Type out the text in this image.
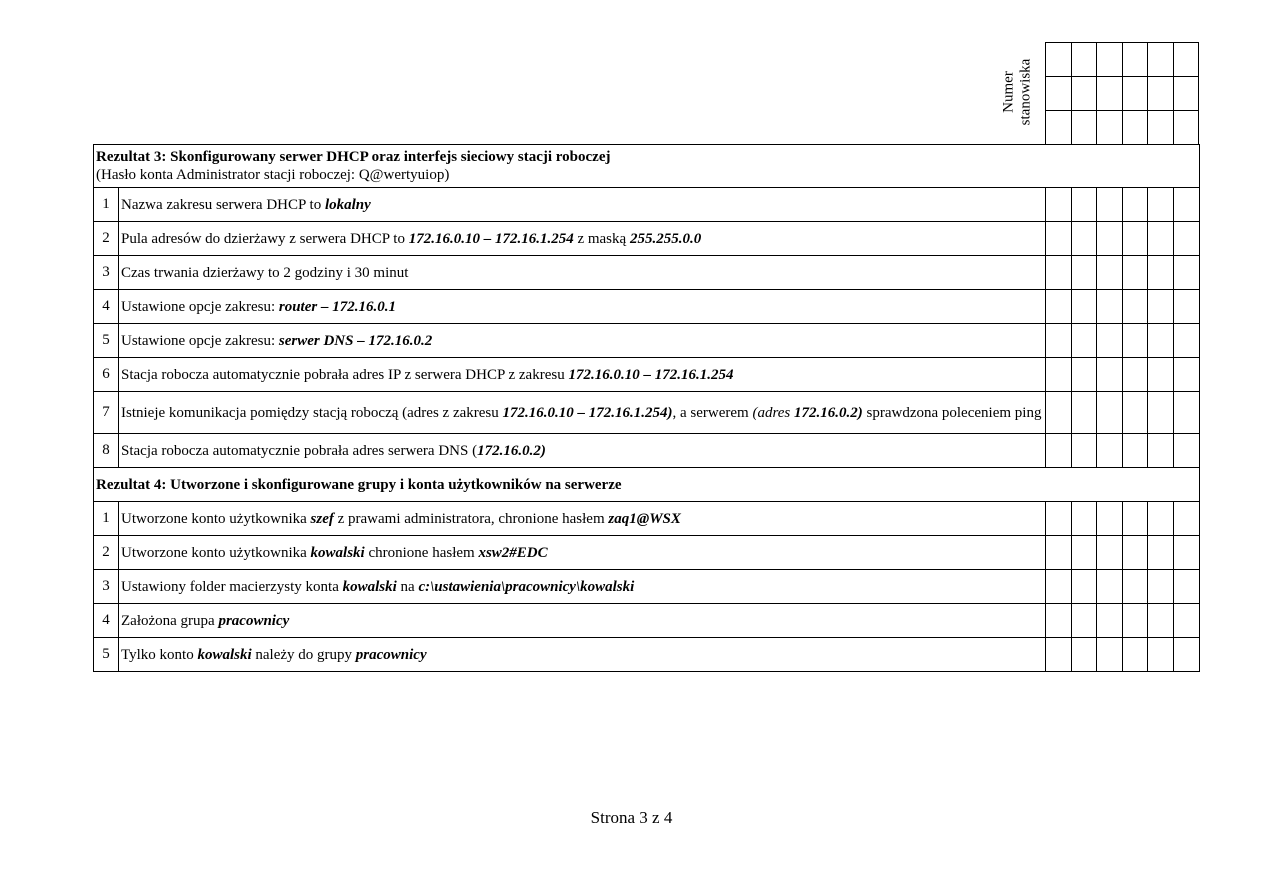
Numer stanowiska

Rezultat 3: Skonfigurowany serwer DHCP oraz interfejs sieciowy stacji roboczej
(Hasło konta Administrator stacji roboczej: Q@wertyuiop)							

1	Nazwa zakresu serwera DHCP to lokalny						
2	Pula adresów do dzierżawy z serwera DHCP to 172.16.0.10 – 172.16.1.254 z maską 255.255.0.0						
3	Czas trwania dzierżawy to 2 godziny i 30 minut						
4	Ustawione opcje zakresu: router – 172.16.0.1						
5	Ustawione opcje zakresu: serwer DNS – 172.16.0.2						
6	Stacja robocza automatycznie pobrała adres IP z serwera DHCP z zakresu 172.16.0.10 – 172.16.1.254						
7	Istnieje komunikacja pomiędzy stacją roboczą (adres z zakresu 172.16.0.10 – 172.16.1.254), a serwerem (adres 172.16.0.2) sprawdzona poleceniem ping						
8	Stacja robocza automatycznie pobrała adres serwera DNS (172.16.0.2)						
Rezultat 4: Utworzone i skonfigurowane grupy i konta użytkowników na serwerze							
1	Utworzone konto użytkownika szef z prawami administratora, chronione hasłem zaq1@WSX						
2	Utworzone konto użytkownika kowalski chronione hasłem xsw2#EDC						
3	Ustawiony folder macierzysty konta kowalski na c:\ustawienia\pracownicy\kowalski						
4	Założona grupa pracownicy						
5	Tylko konto kowalski należy do grupy pracownicy						
Strona 3 z 4
